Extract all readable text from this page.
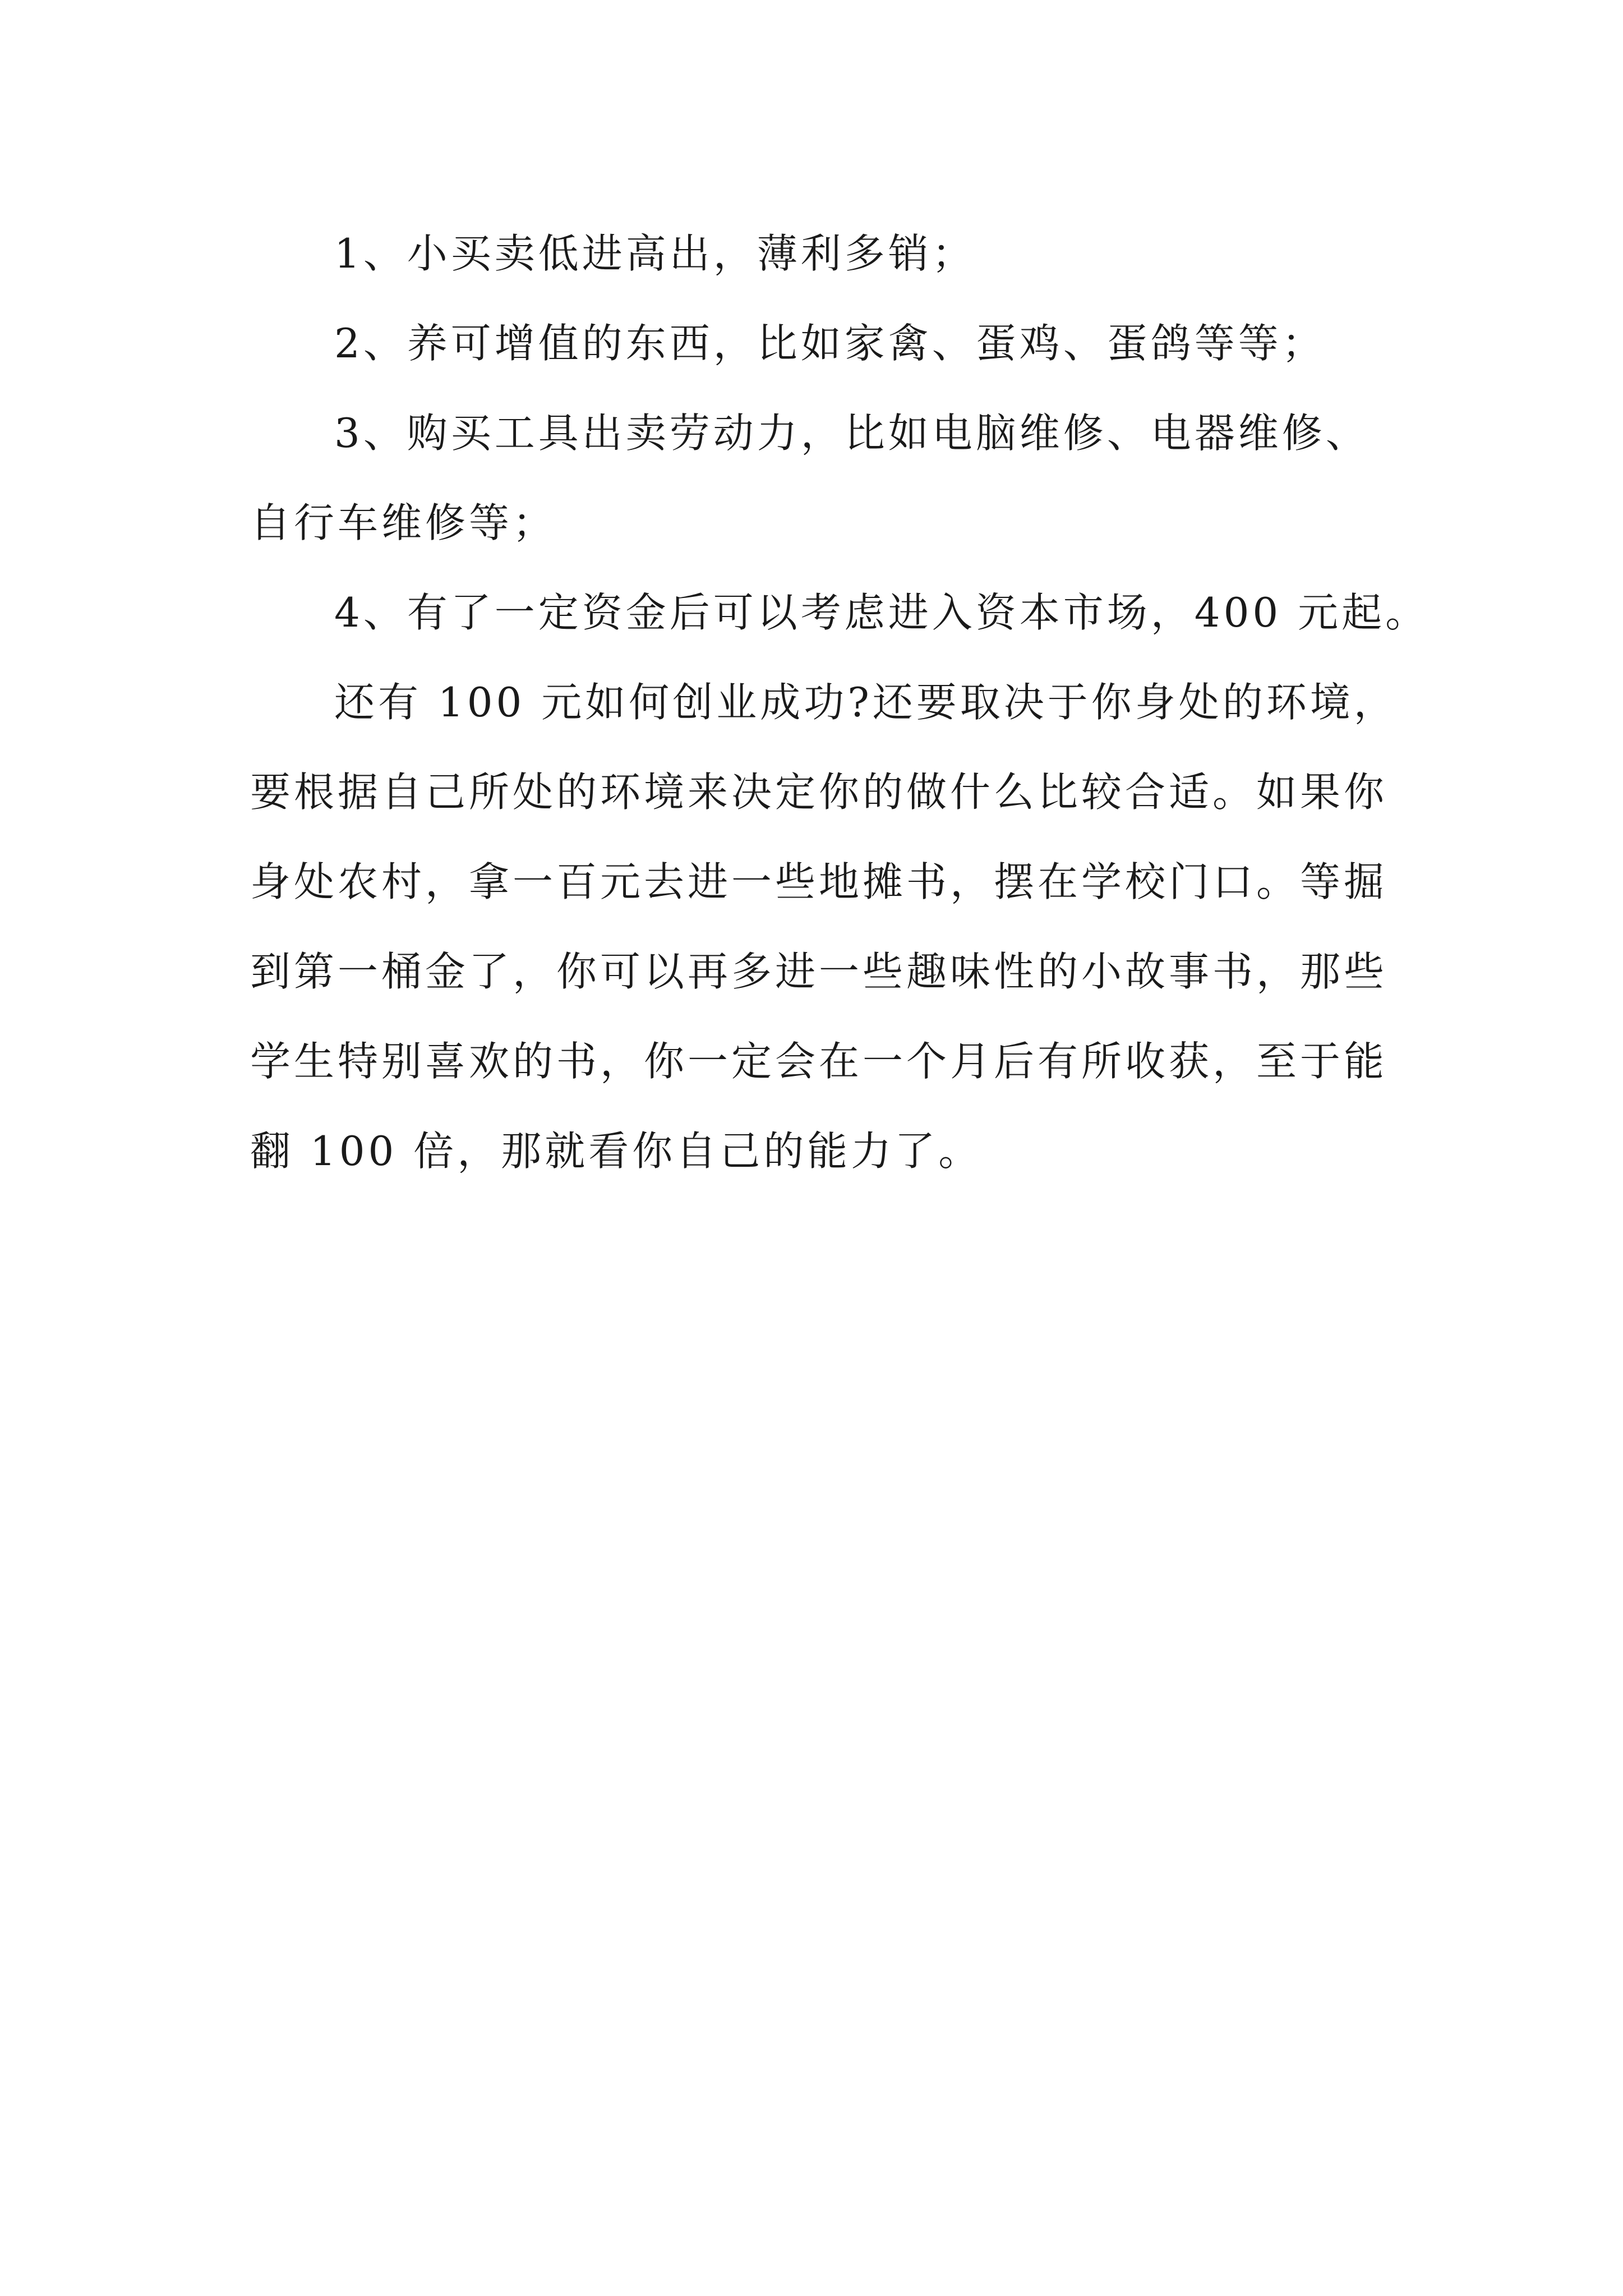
1、小买卖低进高出，薄利多销；
2、养可增值的东西，比如家禽、蛋鸡、蛋鸽等等；
3、购买工具出卖劳动力，比如电脑维修、电器维修、
自行车维修等；
4、有了一定资金后可以考虑进入资本市场，400 元起。
还有 100 元如何创业成功?还要取决于你身处的环境，
要根据自己所处的环境来决定你的做什么比较合适。如果你
身处农村，拿一百元去进一些地摊书，摆在学校门口。等掘
到第一桶金了，你可以再多进一些趣味性的小故事书，那些
学生特别喜欢的书，你一定会在一个月后有所收获，至于能
翻 100 倍，那就看你自己的能力了。
